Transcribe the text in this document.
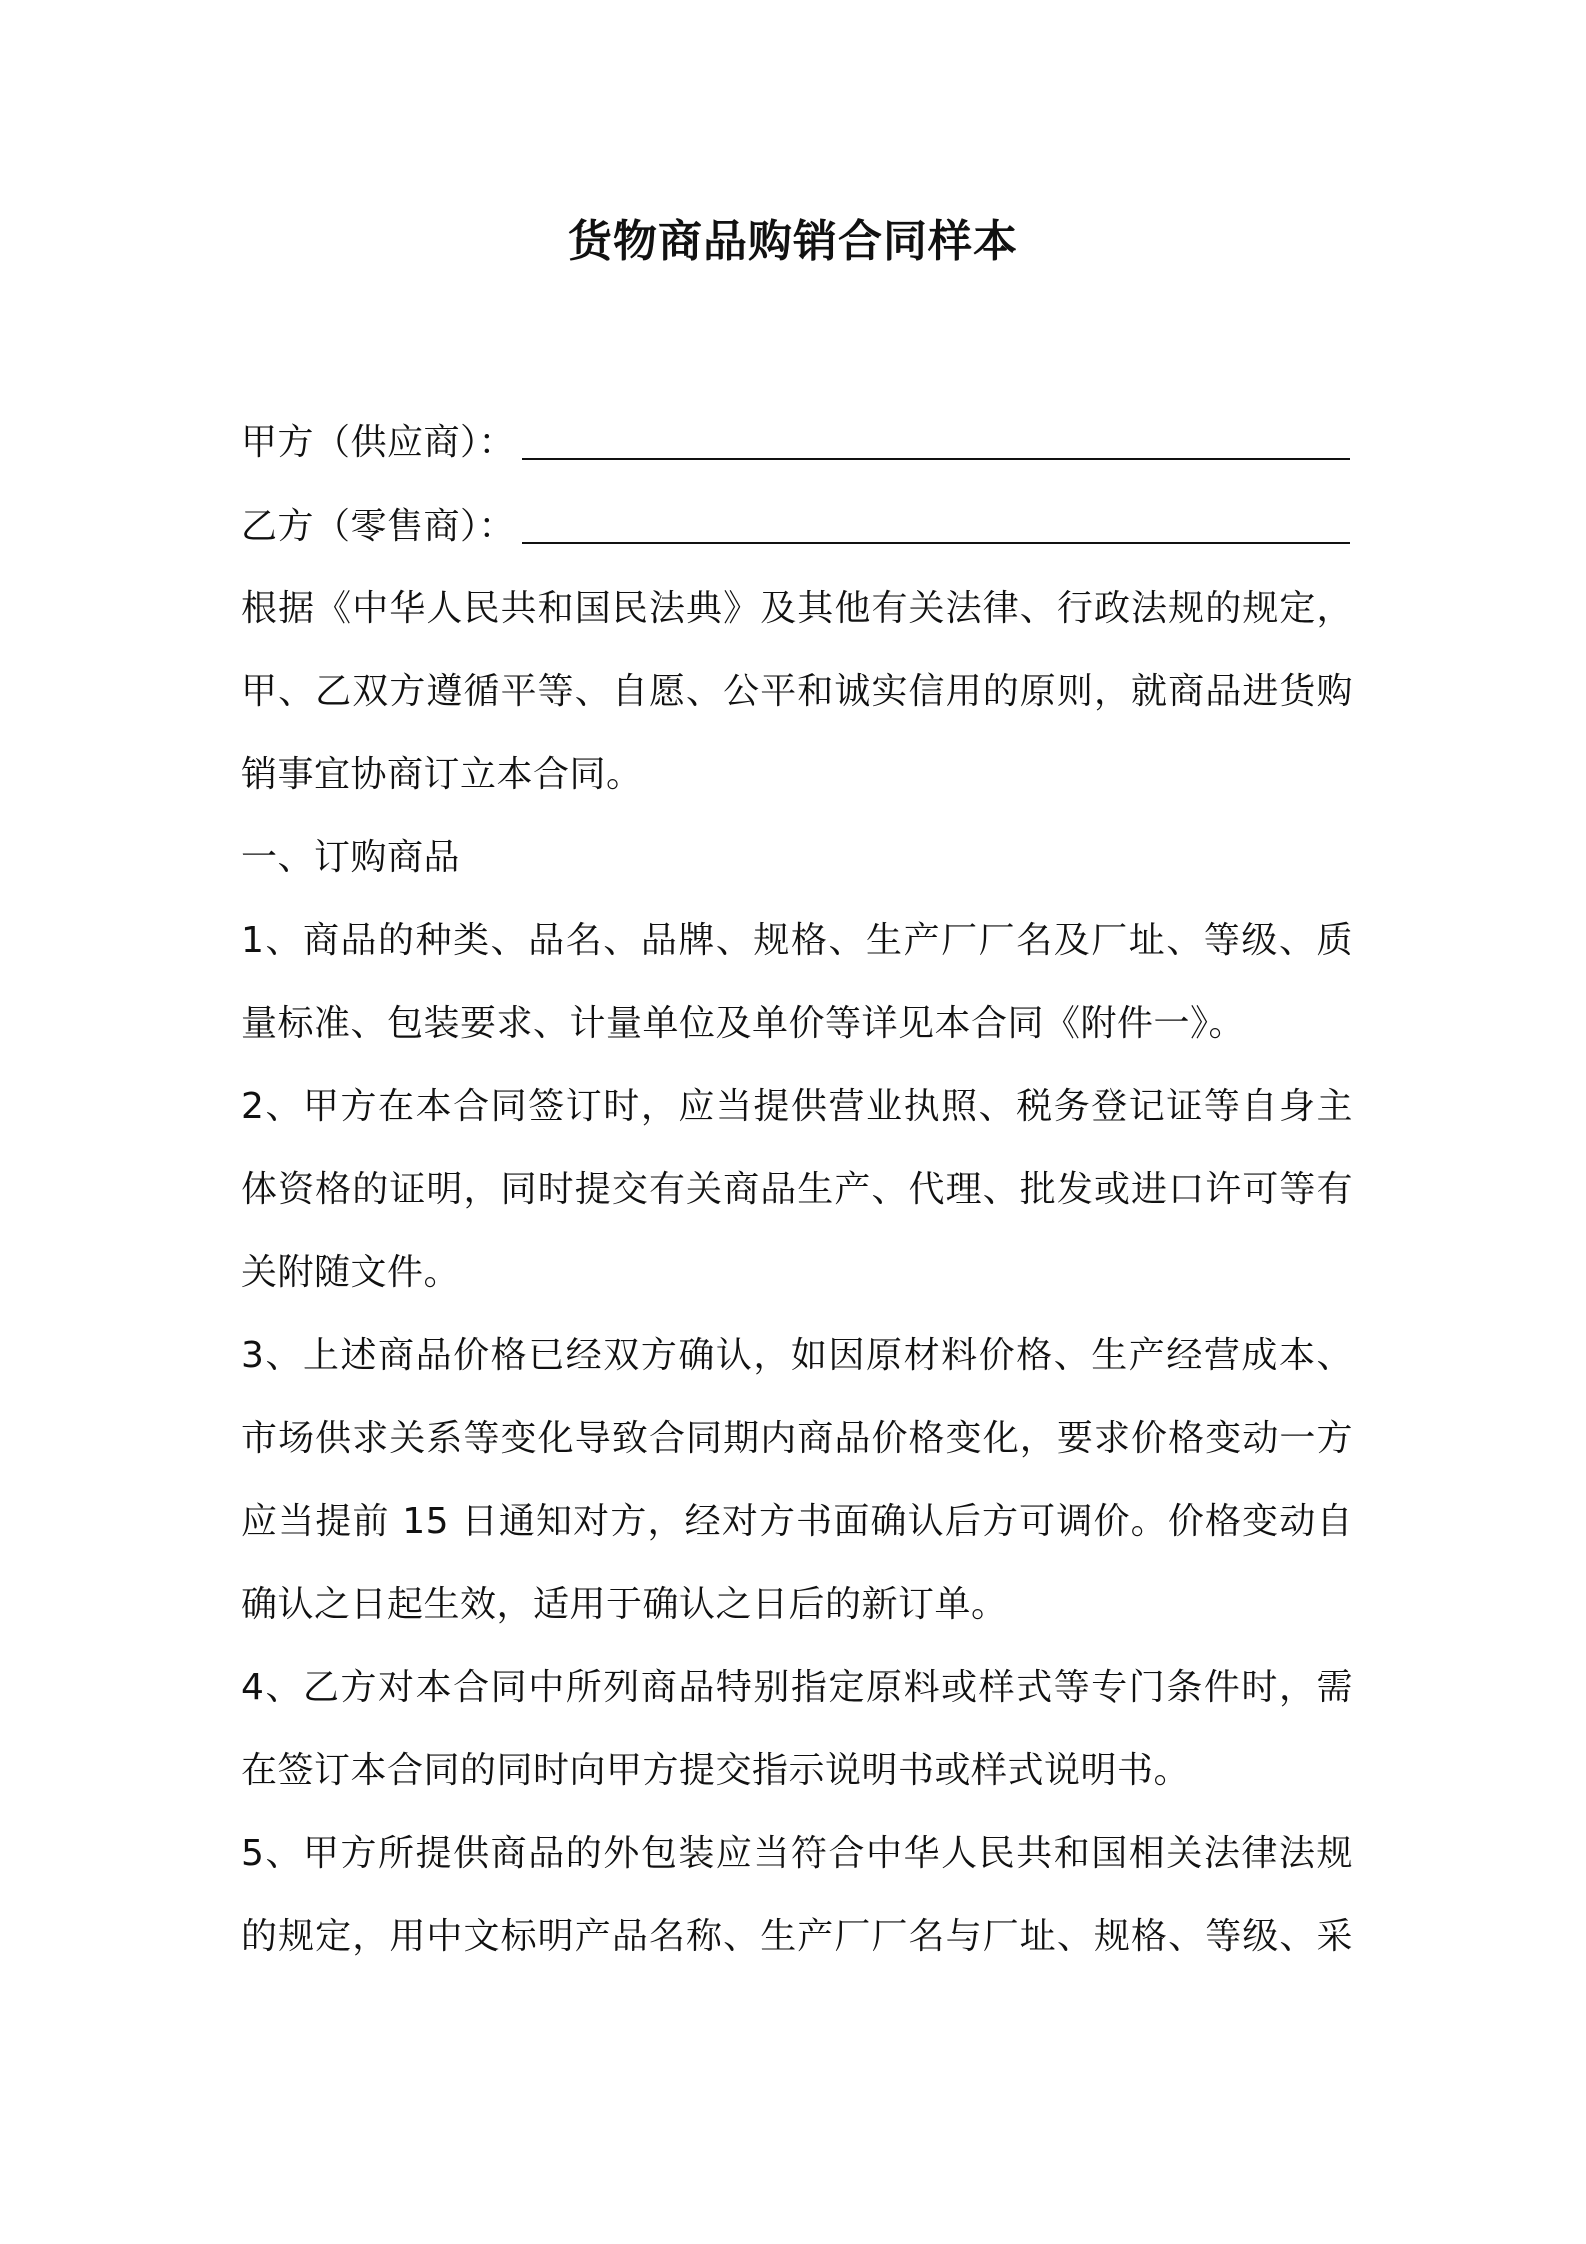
货物商品购销合同样本
甲方（供应商）：
乙方（零售商）：
根据《中华人民共和国民法典》及其他有关法律、行政法规的规定，
甲、乙双方遵循平等、自愿、公平和诚实信用的原则，就商品进货购
销事宜协商订立本合同。
一、订购商品
1、商品的种类、品名、品牌、规格、生产厂厂名及厂址、等级、质
量标准、包装要求、计量单位及单价等详见本合同《附件一》。
2、甲方在本合同签订时，应当提供营业执照、税务登记证等自身主
体资格的证明，同时提交有关商品生产、代理、批发或进口许可等有
关附随文件。
3、上述商品价格已经双方确认，如因原材料价格、生产经营成本、
市场供求关系等变化导致合同期内商品价格变化，要求价格变动一方
应当提前 15 日通知对方，经对方书面确认后方可调价。价格变动自
确认之日起生效，适用于确认之日后的新订单。
4、乙方对本合同中所列商品特别指定原料或样式等专门条件时，需
在签订本合同的同时向甲方提交指示说明书或样式说明书。
5、甲方所提供商品的外包装应当符合中华人民共和国相关法律法规
的规定，用中文标明产品名称、生产厂厂名与厂址、规格、等级、采
